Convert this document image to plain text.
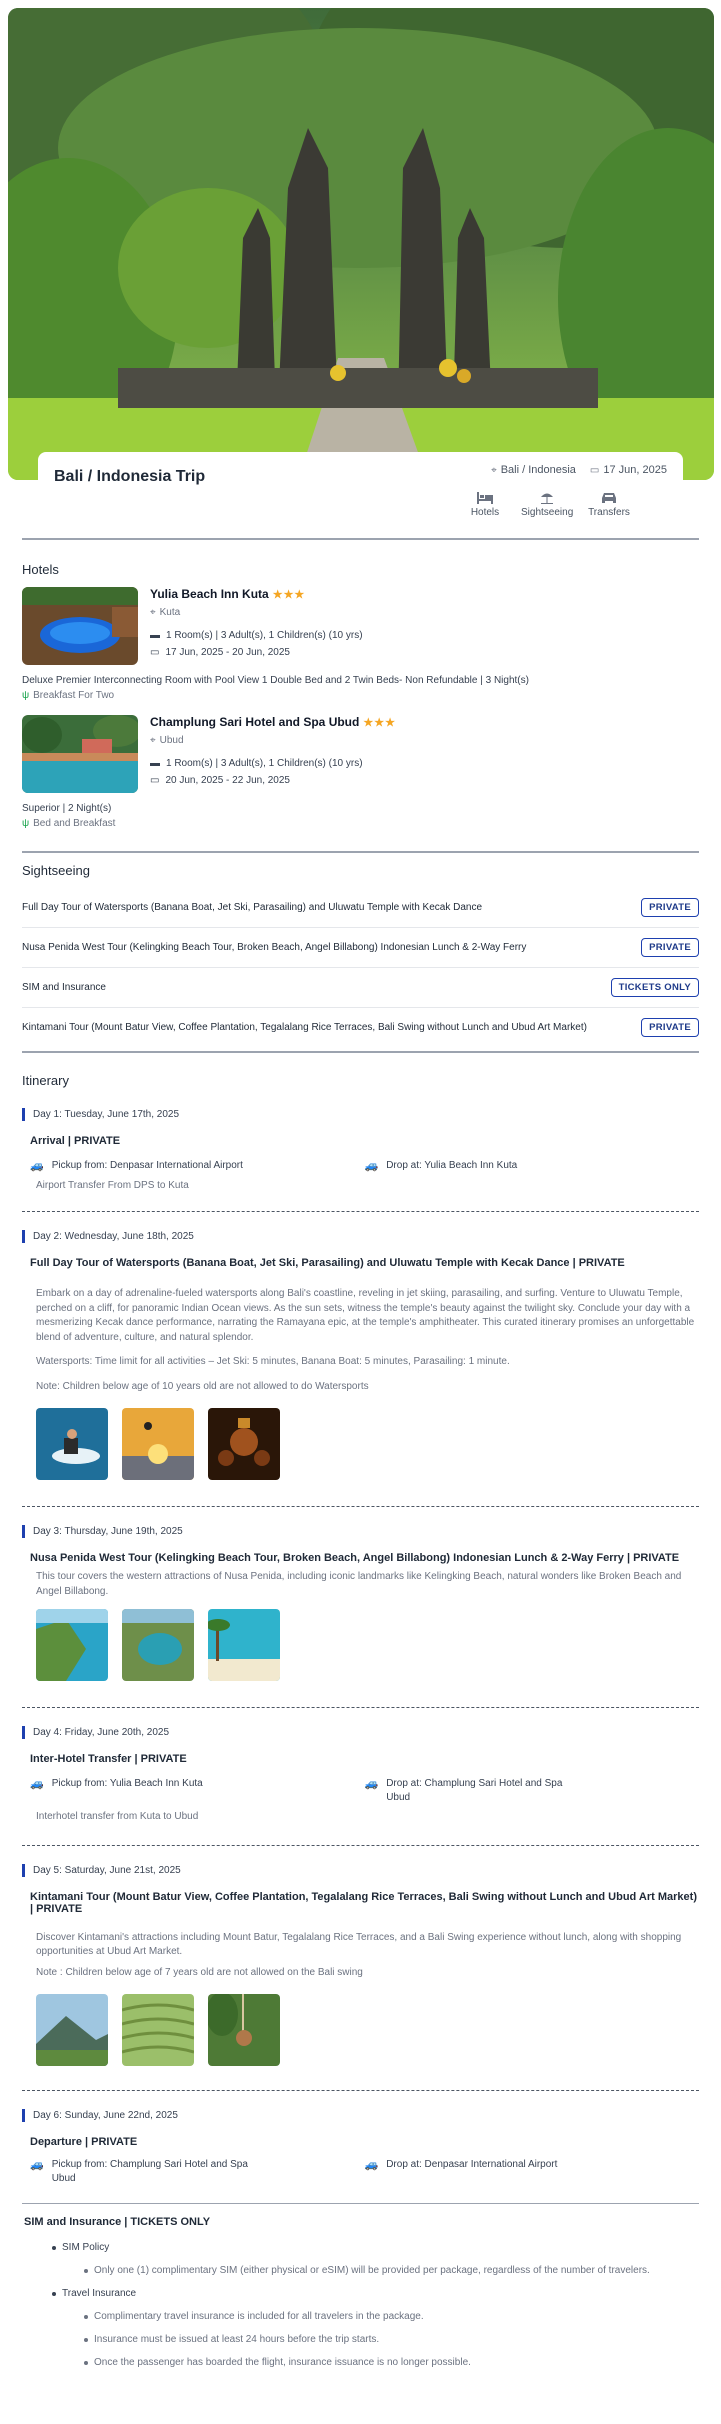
Bali / Indonesia Trip	⌖ Bali / Indonesia ▭ 17 Jun, 2025
Hotels	Sightseeing	Transfers
Hotels
Yulia Beach Inn Kuta ★★★
⌖ Kuta
▬ 1 Room(s) | 3 Adult(s), 1 Children(s) (10 yrs)
▭ 17 Jun, 2025 - 20 Jun, 2025
Deluxe Premier Interconnecting Room with Pool View 1 Double Bed and 2 Twin Beds- Non Refundable | 3 Night(s)
ψ Breakfast For Two
Champlung Sari Hotel and Spa Ubud ★★★
⌖ Ubud
▬ 1 Room(s) | 3 Adult(s), 1 Children(s) (10 yrs)
▭ 20 Jun, 2025 - 22 Jun, 2025
Superior | 2 Night(s)
ψ Bed and Breakfast
Sightseeing
Full Day Tour of Watersports (Banana Boat, Jet Ski, Parasailing) and Uluwatu Temple with Kecak Dance	PRIVATE
Nusa Penida West Tour (Kelingking Beach Tour, Broken Beach, Angel Billabong) Indonesian Lunch & 2-Way Ferry	PRIVATE
SIM and Insurance	TICKETS ONLY
Kintamani Tour (Mount Batur View, Coffee Plantation, Tegalalang Rice Terraces, Bali Swing without Lunch and Ubud Art Market)	PRIVATE
Itinerary
Day 1: Tuesday, June 17th, 2025
Arrival | PRIVATE
🚙 Pickup from: Denpasar International Airport	🚙 Drop at: Yulia Beach Inn Kuta
Airport Transfer From DPS to Kuta
Day 2: Wednesday, June 18th, 2025
Full Day Tour of Watersports (Banana Boat, Jet Ski, Parasailing) and Uluwatu Temple with Kecak Dance | PRIVATE
Embark on a day of adrenaline-fueled watersports along Bali's coastline, reveling in jet skiing, parasailing, and surfing. Venture to Uluwatu Temple, perched on a cliff, for panoramic Indian Ocean views. As the sun sets, witness the temple's beauty against the twilight sky. Conclude your day with a mesmerizing Kecak dance performance, narrating the Ramayana epic, at the temple's amphitheater. This curated itinerary promises an unforgettable blend of adventure, culture, and natural splendor.
Watersports: Time limit for all activities – Jet Ski: 5 minutes, Banana Boat: 5 minutes, Parasailing: 1 minute.
Note: Children below age of 10 years old are not allowed to do Watersports
Day 3: Thursday, June 19th, 2025
Nusa Penida West Tour (Kelingking Beach Tour, Broken Beach, Angel Billabong) Indonesian Lunch & 2-Way Ferry | PRIVATE
This tour covers the western attractions of Nusa Penida, including iconic landmarks like Kelingking Beach, natural wonders like Broken Beach and Angel Billabong.
Day 4: Friday, June 20th, 2025
Inter-Hotel Transfer | PRIVATE
🚙 Pickup from: Yulia Beach Inn Kuta	🚙 Drop at: Champlung Sari Hotel and Spa Ubud
Interhotel transfer from Kuta to Ubud
Day 5: Saturday, June 21st, 2025
Kintamani Tour (Mount Batur View, Coffee Plantation, Tegalalang Rice Terraces, Bali Swing without Lunch and Ubud Art Market) | PRIVATE
Discover Kintamani's attractions including Mount Batur, Tegalalang Rice Terraces, and a Bali Swing experience without lunch, along with shopping opportunities at Ubud Art Market.
Note : Children below age of 7 years old are not allowed on the Bali swing
Day 6: Sunday, June 22nd, 2025
Departure | PRIVATE
🚙 Pickup from: Champlung Sari Hotel and Spa Ubud
🚙 Drop at: Denpasar International Airport
SIM and Insurance | TICKETS ONLY
SIM Policy
Only one (1) complimentary SIM (either physical or eSIM) will be provided per package, regardless of the number of travelers.
Travel Insurance
Complimentary travel insurance is included for all travelers in the package.
Insurance must be issued at least 24 hours before the trip starts.
Once the passenger has boarded the flight, insurance issuance is no longer possible.
